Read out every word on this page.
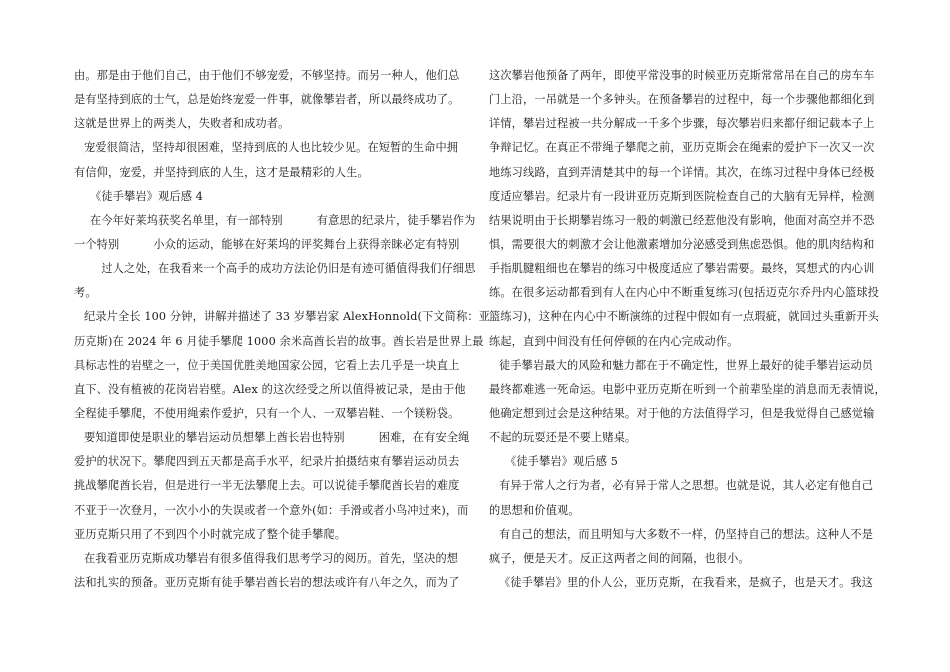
由。那是由于他们自己，由于他们不够宠爱，不够坚持。而另一种人，他们总
是有坚持到底的士气，总是始终宠爱一件事，就像攀岩者，所以最终成功了。
这就是世界上的两类人，失败者和成功者。
宠爱很简洁，坚持却很困难，坚持到底的人也比较少见。在短暂的生命中拥
有信仰，宠爱，并坚持到底的人生，这才是最精彩的人生。
《徒手攀岩》观后感 4
在今年好莱坞获奖名单里，有一部特别　　　有意思的纪录片，徒手攀岩作为
一个特别　　　小众的运动，能够在好莱坞的评奖舞台上获得亲睐必定有特别
　过人之处，在我看来一个高手的成功方法论仍旧是有迹可循值得我们仔细思
考。
纪录片全长 100 分钟，讲解并描述了 33 岁攀岩家 AlexHonnold(下文简称：亚
历克斯)在 2024 年 6 月徒手攀爬 1000 余米高酋长岩的故事。酋长岩是世界上最
具标志性的岩壁之一，位于美国优胜美地国家公园，它看上去几乎是一块直上
直下、没有植被的花岗岩岩壁。Alex 的这次经受之所以值得被记录，是由于他
全程徒手攀爬，不使用绳索作爱护，只有一个人、一双攀岩鞋、一个镁粉袋。
要知道即使是职业的攀岩运动员想攀上酋长岩也特别　　　困难，在有安全绳
爱护的状况下。攀爬四到五天都是高手水平，纪录片拍摄结束有攀岩运动员去
挑战攀爬酋长岩，但是进行一半无法攀爬上去。可以说徒手攀爬酋长岩的难度
不亚于一次登月，一次小小的失误或者一个意外(如：手滑或者小鸟冲过来)，而
亚历克斯只用了不到四个小时就完成了整个徒手攀爬。
在我看亚历克斯成功攀岩有很多值得我们思考学习的阅历。首先，坚决的想
法和扎实的预备。亚历克斯有徒手攀岩酋长岩的想法或许有八年之久，而为了
这次攀岩他预备了两年，即使平常没事的时候亚历克斯常常吊在自己的房车车
门上沿，一吊就是一个多钟头。在预备攀岩的过程中，每一个步骤他都细化到
详情，攀岩过程被一共分解成一千多个步骤，每次攀岩归来都仔细记载本子上
争辩记忆。在真正不带绳子攀爬之前，亚历克斯会在绳索的爱护下一次又一次
地练习线路，直到弄清楚其中的每一个详情。其次，在练习过程中身体已经极
度适应攀岩。纪录片有一段讲亚历克斯到医院检查自己的大脑有无异样，检测
结果说明由于长期攀岩练习一般的刺激已经惹他没有影响，他面对高空并不恐
惧，需要很大的刺激才会让他激素增加分泌感受到焦虑恐惧。他的肌肉结构和
手指肌腱粗细也在攀岩的练习中极度适应了攀岩需要。最终，冥想式的内心训
练。在很多运动都看到有人在内心中不断重复练习(包括迈克尔乔丹内心篮球投
篮练习)，这种在内心中不断演练的过程中假如有一点瑕疵，就回过头重新开头
练起，直到中间没有任何停顿的在内心完成动作。
徒手攀岩最大的风险和魅力都在于不确定性，世界上最好的徒手攀岩运动员
最终都难逃一死命运。电影中亚历克斯在听到一个前辈坠崖的消息而无表情说，
他确定想到过会是这种结果。对于他的方法值得学习，但是我觉得自己感觉输
不起的玩耍还是不要上赌桌。
《徒手攀岩》观后感 5
有异于常人之行为者，必有异于常人之思想。也就是说，其人必定有他自己
的思想和价值观。
有自己的想法，而且明知与大多数不一样，仍坚持自己的想法。这种人不是
疯子，便是天才。反正这两者之间的间隔，也很小。
《徒手攀岩》里的仆人公，亚历克斯，在我看来，是疯子，也是天才。我这
